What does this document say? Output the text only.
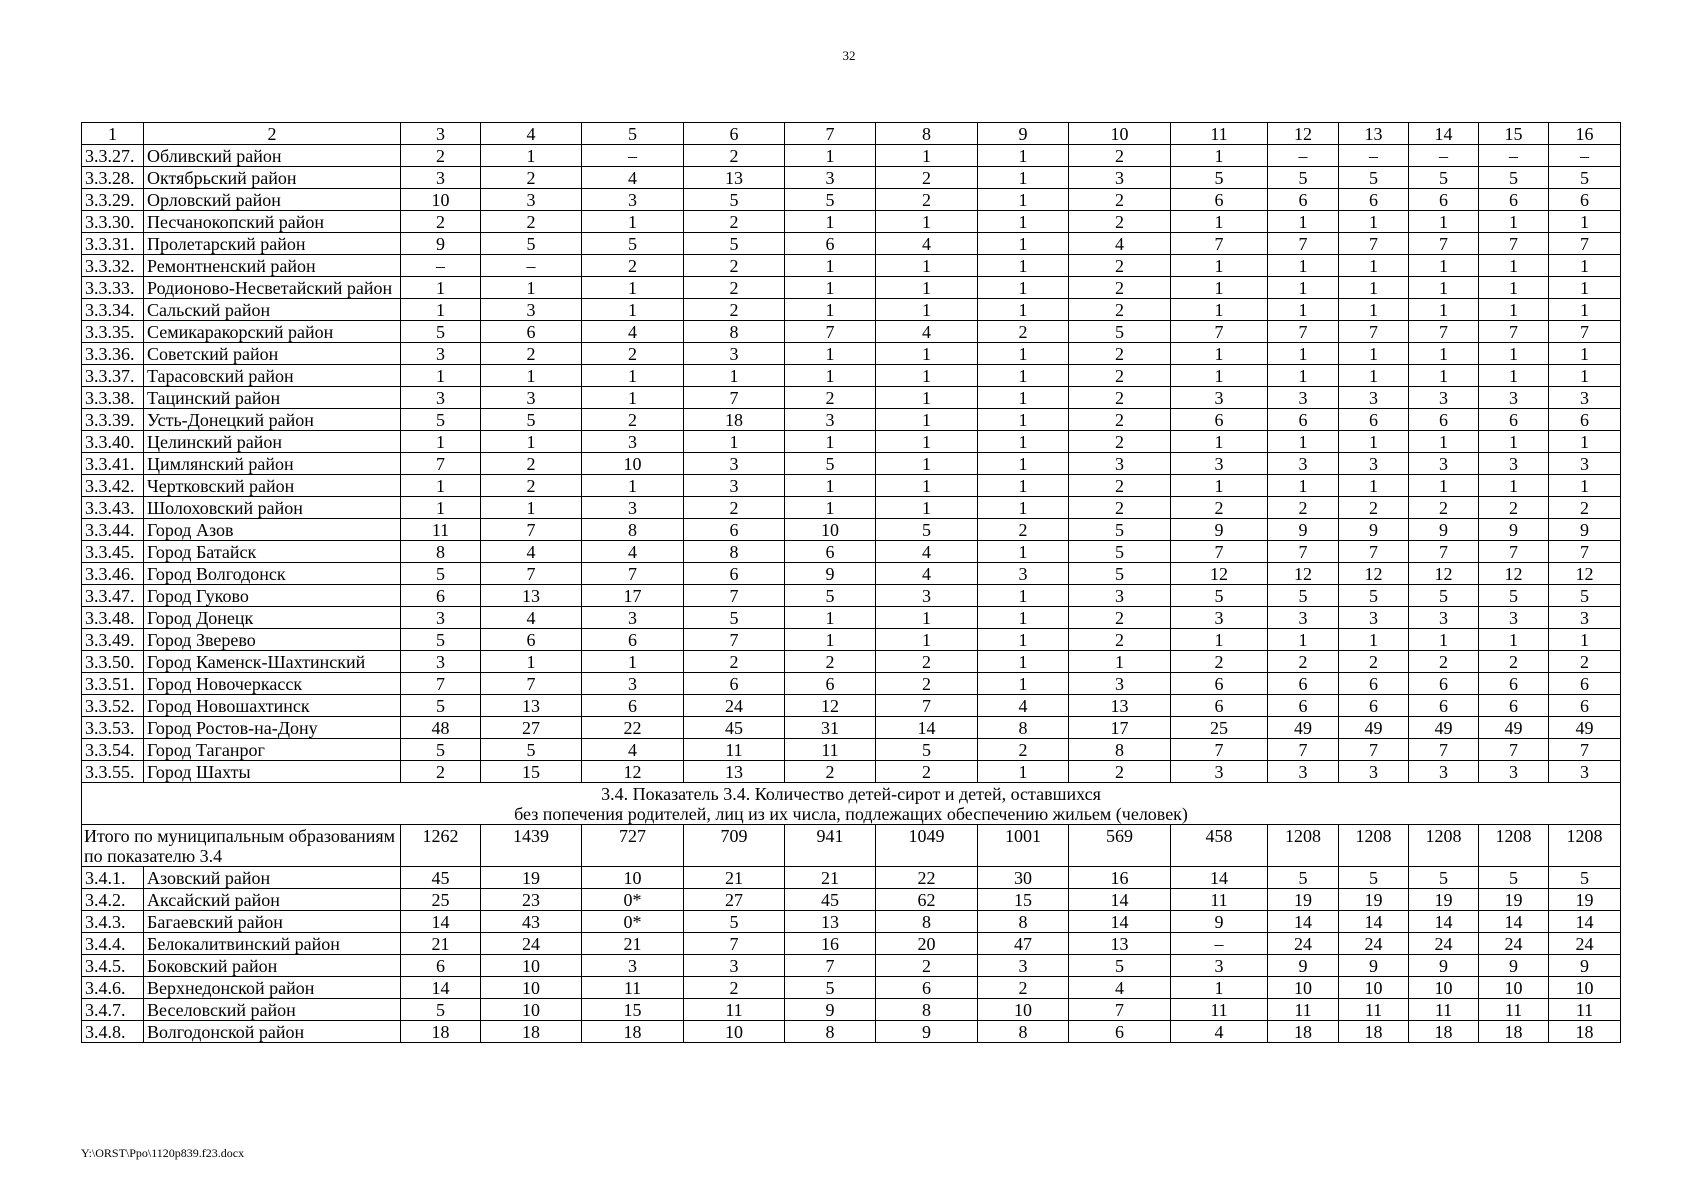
32
1	2	3	4	5	6	7	8	9	10	11	12	13	14	15	16
3.3.27.	Обливский район	2	1	–	2	1	1	1	2	1	–	–	–	–	–
3.3.28.	Октябрьский район	3	2	4	13	3	2	1	3	5	5	5	5	5	5
3.3.29.	Орловский район	10	3	3	5	5	2	1	2	6	6	6	6	6	6
3.3.30.	Песчанокопский район	2	2	1	2	1	1	1	2	1	1	1	1	1	1
3.3.31.	Пролетарский район	9	5	5	5	6	4	1	4	7	7	7	7	7	7
3.3.32.	Ремонтненский район	–	–	2	2	1	1	1	2	1	1	1	1	1	1
3.3.33.	Родионово-Несветайский район	1	1	1	2	1	1	1	2	1	1	1	1	1	1
3.3.34.	Сальский район	1	3	1	2	1	1	1	2	1	1	1	1	1	1
3.3.35.	Семикаракорский район	5	6	4	8	7	4	2	5	7	7	7	7	7	7
3.3.36.	Советский район	3	2	2	3	1	1	1	2	1	1	1	1	1	1
3.3.37.	Тарасовский район	1	1	1	1	1	1	1	2	1	1	1	1	1	1
3.3.38.	Тацинский район	3	3	1	7	2	1	1	2	3	3	3	3	3	3
3.3.39.	Усть-Донецкий район	5	5	2	18	3	1	1	2	6	6	6	6	6	6
3.3.40.	Целинский район	1	1	3	1	1	1	1	2	1	1	1	1	1	1
3.3.41.	Цимлянский район	7	2	10	3	5	1	1	3	3	3	3	3	3	3
3.3.42.	Чертковский район	1	2	1	3	1	1	1	2	1	1	1	1	1	1
3.3.43.	Шолоховский район	1	1	3	2	1	1	1	2	2	2	2	2	2	2
3.3.44.	Город Азов	11	7	8	6	10	5	2	5	9	9	9	9	9	9
3.3.45.	Город Батайск	8	4	4	8	6	4	1	5	7	7	7	7	7	7
3.3.46.	Город Волгодонск	5	7	7	6	9	4	3	5	12	12	12	12	12	12
3.3.47.	Город Гуково	6	13	17	7	5	3	1	3	5	5	5	5	5	5
3.3.48.	Город Донецк	3	4	3	5	1	1	1	2	3	3	3	3	3	3
3.3.49.	Город Зверево	5	6	6	7	1	1	1	2	1	1	1	1	1	1
3.3.50.	Город Каменск-Шахтинский	3	1	1	2	2	2	1	1	2	2	2	2	2	2
3.3.51.	Город Новочеркасск	7	7	3	6	6	2	1	3	6	6	6	6	6	6
3.3.52.	Город Новошахтинск	5	13	6	24	12	7	4	13	6	6	6	6	6	6
3.3.53.	Город Ростов-на-Дону	48	27	22	45	31	14	8	17	25	49	49	49	49	49
3.3.54.	Город Таганрог	5	5	4	11	11	5	2	8	7	7	7	7	7	7
3.3.55.	Город Шахты	2	15	12	13	2	2	1	2	3	3	3	3	3	3

3.4. Показатель 3.4. Количество детей-сирот и детей, оставшихся
без попечения родителей, лиц из их числа, подлежащих обеспечению жильем (человек)															

Итого по муниципальным образованиям по показателю 3.4		1262	1439	727	709	941	1049	1001	569	458	1208	1208	1208	1208	1208
3.4.1.	Азовский район	45	19	10	21	21	22	30	16	14	5	5	5	5	5
3.4.2.	Аксайский район	25	23	0*	27	45	62	15	14	11	19	19	19	19	19
3.4.3.	Багаевский район	14	43	0*	5	13	8	8	14	9	14	14	14	14	14
3.4.4.	Белокалитвинский район	21	24	21	7	16	20	47	13	–	24	24	24	24	24
3.4.5.	Боковский район	6	10	3	3	7	2	3	5	3	9	9	9	9	9
3.4.6.	Верхнедонской район	14	10	11	2	5	6	2	4	1	10	10	10	10	10
3.4.7.	Веселовский район	5	10	15	11	9	8	10	7	11	11	11	11	11	11
3.4.8.	Волгодонской район	18	18	18	10	8	9	8	6	4	18	18	18	18	18
Y:\ORST\Ppo\1120p839.f23.docx
